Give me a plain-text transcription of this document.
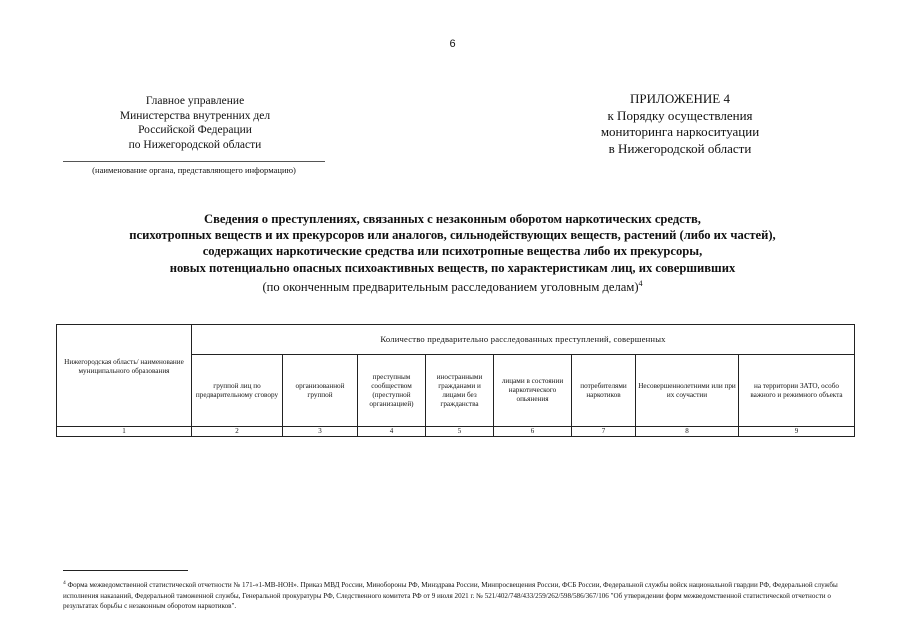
6
Главное управление
Министерства внутренних дел
Российской Федерации
по Нижегородской области
(наименование органа, представляющего информацию)
ПРИЛОЖЕНИЕ 4
к Порядку осуществления
мониторинга наркоситуации
в Нижегородской области
Сведения о преступлениях, связанных с незаконным оборотом наркотических средств,
психотропных веществ и их прекурсоров или аналогов, сильнодействующих веществ, растений (либо их частей),
содержащих наркотические средства или психотропные вещества либо их прекурсоры,
новых потенциально опасных психоактивных веществ, по характеристикам лиц, их совершивших
(по оконченным предварительным расследованием уголовным делам)$^4$
Нижегородская область/ наименование муниципального образования	Количество предварительно расследованных преступлений, совершенных							
	группой лиц по предварительному сговору	организованной группой	преступным сообществом (преступной организацией)	иностранными гражданами и лицами без гражданства	лицами в состоянии наркотического опьянения	потребителями наркотиков	Несовершеннолетними или при их соучастии	на территории ЗАТО, особо важного и режимного объекта
1	2	3	4	5	6	7	8	9
$^4$ Форма межведомственной статистической отчетности № 171-«1-МВ-НОН». Приказ МВД России, Минобороны РФ, Минздрава России, Минпросвещения России, ФСБ России, Федеральной службы войск национальной гвардии РФ, Федеральной службы исполнения наказаний, Федеральной таможенной службы, Генеральной прокуратуры РФ, Следственного комитета РФ от 9 июля 2021 г. № 521/402/748/433/259/262/598/586/367/106 "Об утверждении форм межведомственной статистической отчетности о результатах борьбы с незаконным оборотом наркотиков".
